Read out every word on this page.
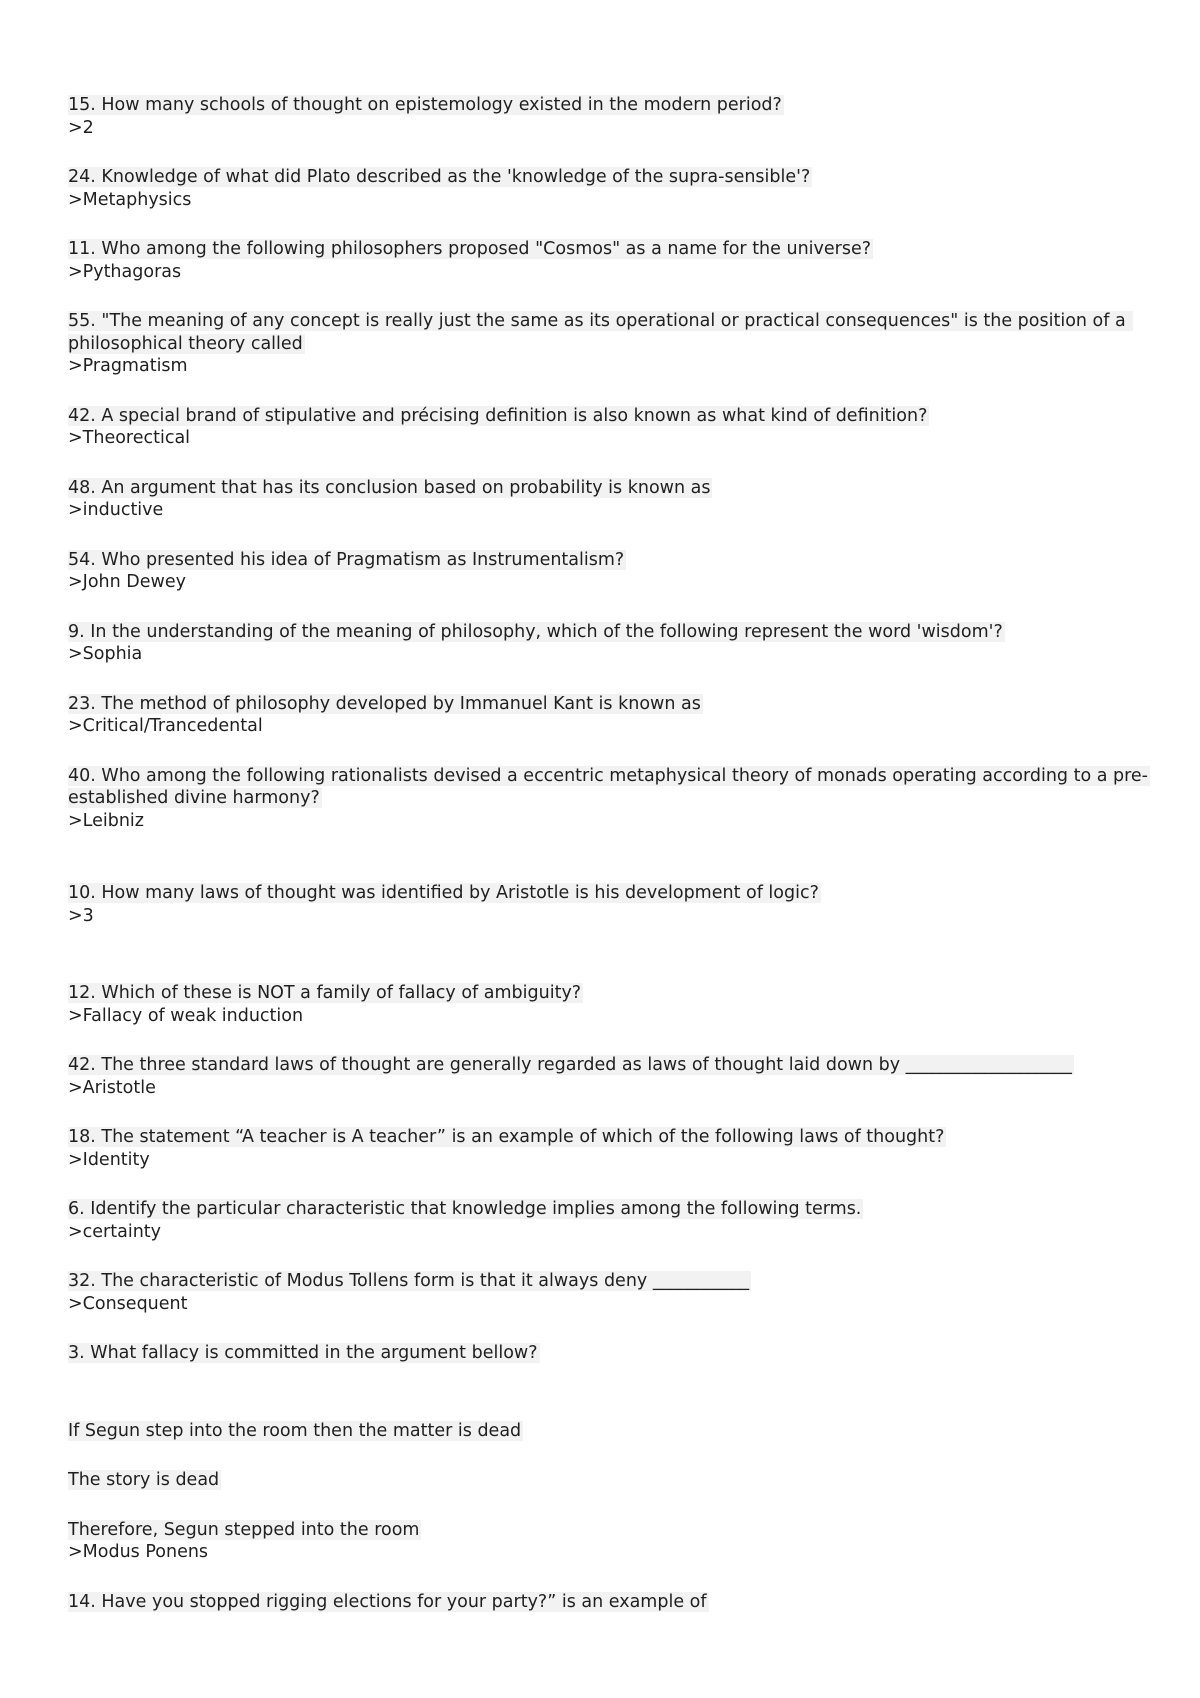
15. How many schools of thought on epistemology existed in the modern period?
>2
24. Knowledge of what did Plato described as the 'knowledge of the supra-sensible'?
>Metaphysics
11. Who among the following philosophers proposed "Cosmos" as a name for the universe?
>Pythagoras
55. "The meaning of any concept is really just the same as its operational or practical consequences" is the position of a philosophical theory called
>Pragmatism
42. A special brand of stipulative and précising definition is also known as what kind of definition?
>Theorectical
48. An argument that has its conclusion based on probability is known as
>inductive
54. Who presented his idea of Pragmatism as Instrumentalism?
>John Dewey
9. In the understanding of the meaning of philosophy, which of the following represent the word 'wisdom'?
>Sophia
23. The method of philosophy developed by Immanuel Kant is known as
>Critical/Trancedental
40. Who among the following rationalists devised a eccentric metaphysical theory of monads operating according to a pre-established divine harmony?
>Leibniz
10. How many laws of thought was identified by Aristotle is his development of logic?
>3
12. Which of these is NOT a family of fallacy of ambiguity?
>Fallacy of weak induction
42. The three standard laws of thought are generally regarded as laws of thought laid down by ___________________
>Aristotle
18. The statement “A teacher is A teacher” is an example of which of the following laws of thought?
>Identity
6. Identify the particular characteristic that knowledge implies among the following terms.
>certainty
32. The characteristic of Modus Tollens form is that it always deny ___________
>Consequent
3. What fallacy is committed in the argument bellow?
If Segun step into the room then the matter is dead
The story is dead
Therefore, Segun stepped into the room
>Modus Ponens
14. Have you stopped rigging elections for your party?” is an example of
